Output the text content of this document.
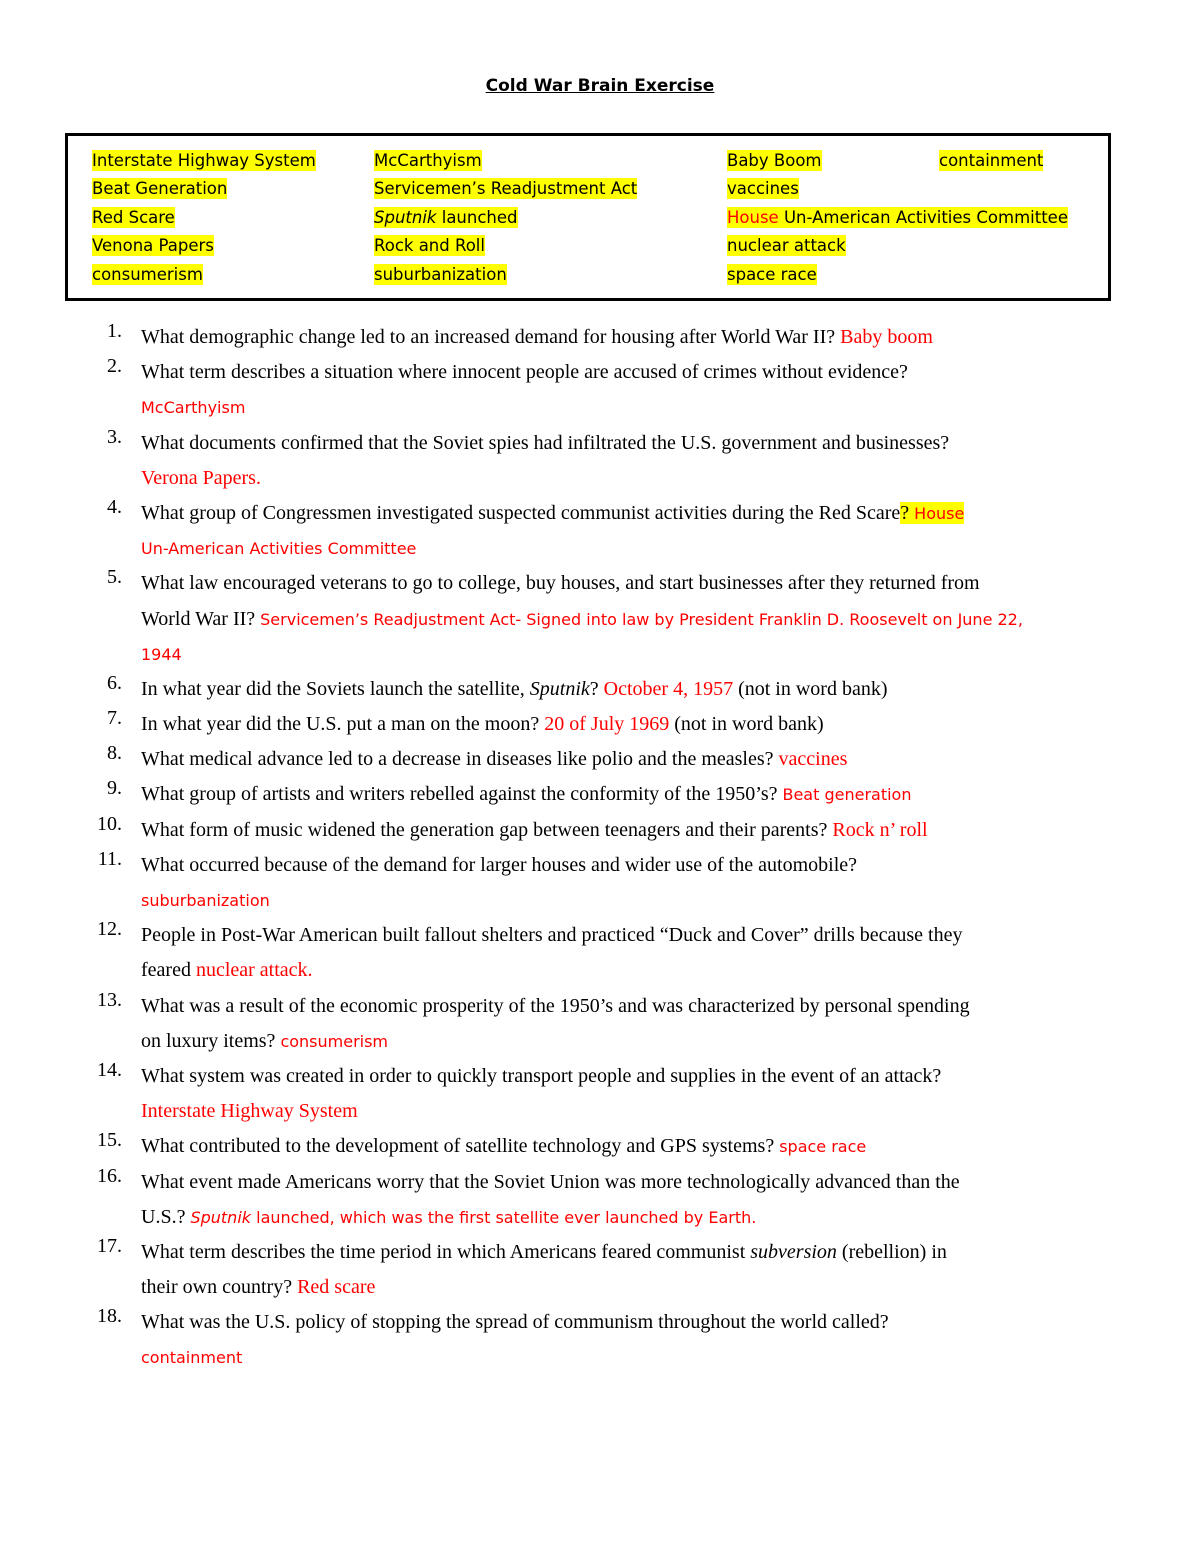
Cold War Brain Exercise
Interstate Highway System
Beat Generation
Red Scare
Venona Papers
consumerism
McCarthyism
Servicemen’s Readjustment Act
Sputnik launched
Rock and Roll
suburbanization
Baby Boom
vaccines
House Un-American Activities Committee
nuclear attack
space race
containment
1. What demographic change led to an increased demand for housing after World War II? Baby boom
2. What term describes a situation where innocent people are accused of crimes without evidence?
McCarthyism
3. What documents confirmed that the Soviet spies had infiltrated the U.S. government and businesses?
Verona Papers.
4. What group of Congressmen investigated suspected communist activities during the Red Scare? House
Un-American Activities Committee
5. What law encouraged veterans to go to college, buy houses, and start businesses after they returned from
World War II? Servicemen’s Readjustment Act- Signed into law by President Franklin D. Roosevelt on June 22,
1944
6. In what year did the Soviets launch the satellite, Sputnik? October 4, 1957 (not in word bank)
7. In what year did the U.S. put a man on the moon? 20 of July 1969 (not in word bank)
8. What medical advance led to a decrease in diseases like polio and the measles? vaccines
9. What group of artists and writers rebelled against the conformity of the 1950’s? Beat generation
10. What form of music widened the generation gap between teenagers and their parents? Rock n’ roll
11. What occurred because of the demand for larger houses and wider use of the automobile?
suburbanization
12. People in Post-War American built fallout shelters and practiced “Duck and Cover” drills because they
feared nuclear attack.
13. What was a result of the economic prosperity of the 1950’s and was characterized by personal spending
on luxury items? consumerism
14. What system was created in order to quickly transport people and supplies in the event of an attack?
Interstate Highway System
15. What contributed to the development of satellite technology and GPS systems? space race
16. What event made Americans worry that the Soviet Union was more technologically advanced than the
U.S.? Sputnik launched, which was the first satellite ever launched by Earth.
17. What term describes the time period in which Americans feared communist subversion (rebellion) in
their own country? Red scare
18. What was the U.S. policy of stopping the spread of communism throughout the world called?
containment
